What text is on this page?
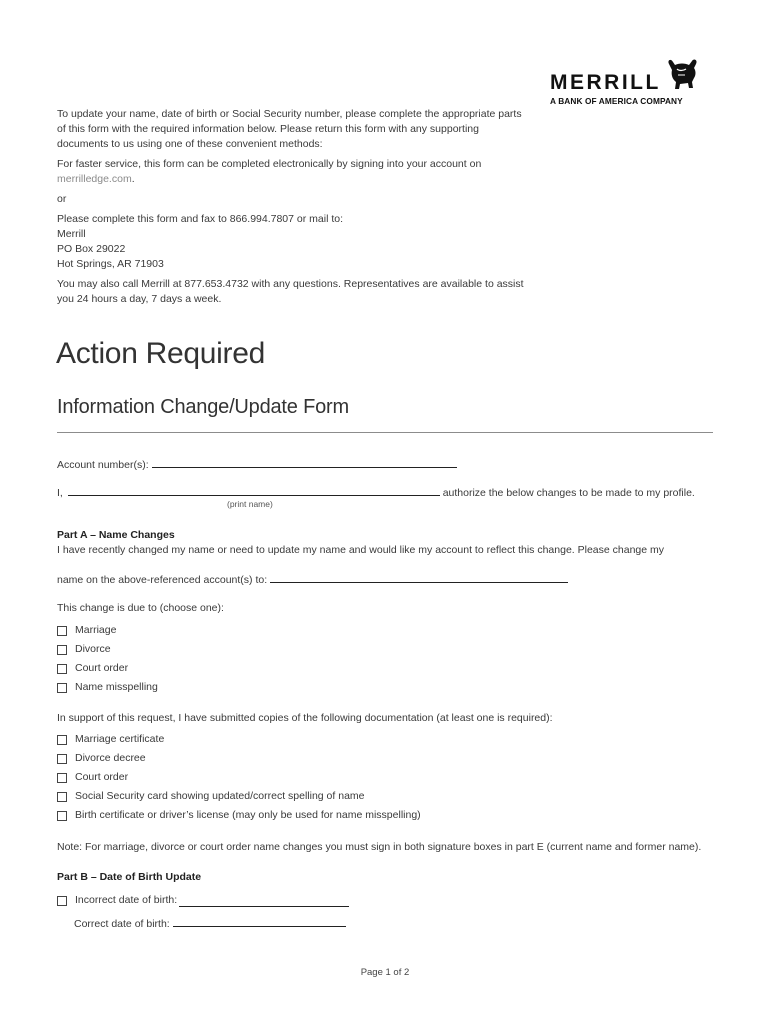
MERRILL
A BANK OF AMERICA COMPANY

To update your name, date of birth or Social Security number, please complete the appropriate parts of this form with the required information below. Please return this form with any supporting documents to us using one of these convenient methods:

For faster service, this form can be completed electronically by signing into your account on merrilledge.com.

or

Please complete this form and fax to 866.994.7807 or mail to:

Merrill

PO Box 29022

Hot Springs, AR 71903

You may also call Merrill at 877.653.4732 with any questions. Representatives are available to assist you 24 hours a day, 7 days a week.

Action Required
Information Change/Update Form
Account number(s):
I,	authorize the below changes to be made to my profile.
(print name)
Part A – Name Changes
I have recently changed my name or need to update my name and would like my account to reflect this change. Please change my
name on the above-referenced account(s) to:
This change is due to (choose one):
Marriage
Divorce
Court order
Name misspelling
In support of this request, I have submitted copies of the following documentation (at least one is required):
Marriage certificate
Divorce decree
Court order
Social Security card showing updated/correct spelling of name
Birth certificate or driver’s license (may only be used for name misspelling)
Note: For marriage, divorce or court order name changes you must sign in both signature boxes in part E (current name and former name).
Part B – Date of Birth Update
Incorrect date of birth:
Correct date of birth:
Page 1 of 2
